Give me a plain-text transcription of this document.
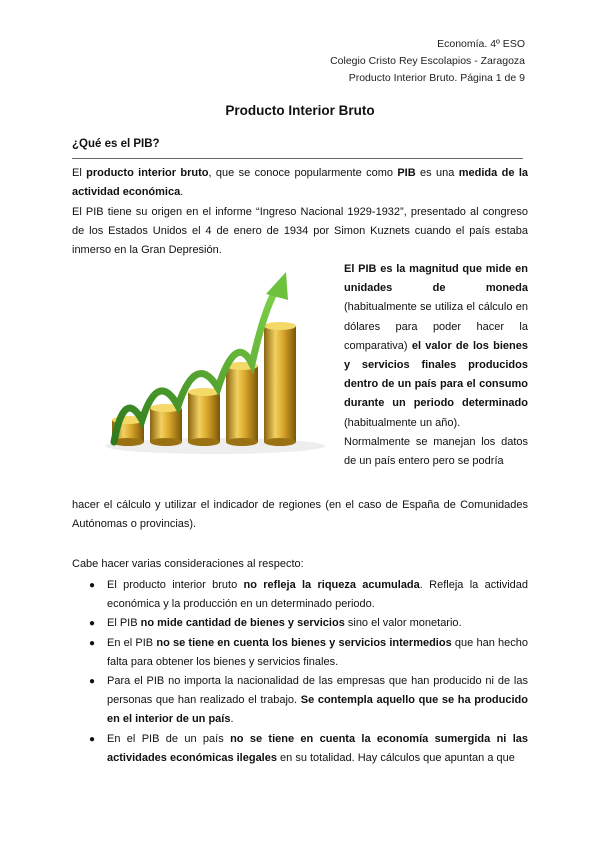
Economía. 4º ESO
Colegio Cristo Rey Escolapios - Zaragoza
Producto Interior Bruto. Página 1 de 9
Producto Interior Bruto
¿Qué es el PIB?

El producto interior bruto, que se conoce popularmente como PIB es una medida de la actividad económica.

El PIB tiene su origen en el informe “Ingreso Nacional 1929-1932”, presentado al congreso de los Estados Unidos el 4 de enero de 1934 por Simon Kuznets cuando el país estaba inmerso en la Gran Depresión.

El PIB es la magnitud que mide en unidades de moneda (habitualmente se utiliza el cálculo en dólares para poder hacer la comparativa) el valor de los bienes y servicios finales producidos dentro de un país para el consumo durante un periodo determinado (habitualmente un año).
Normalmente se manejan los datos de un país entero pero se podría

hacer el cálculo y utilizar el indicador de regiones (en el caso de España de Comunidades Autónomas o provincias).

Cabe hacer varias consideraciones al respecto:

● El producto interior bruto no refleja la riqueza acumulada. Refleja la actividad económica y la producción en un determinado periodo.
● El PIB no mide cantidad de bienes y servicios sino el valor monetario.
● En el PIB no se tiene en cuenta los bienes y servicios intermedios que han hecho falta para obtener los bienes y servicios finales.
● Para el PIB no importa la nacionalidad de las empresas que han producido ni de las personas que han realizado el trabajo. Se contempla aquello que se ha producido en el interior de un país.
● En el PIB de un país no se tiene en cuenta la economía sumergida ni las actividades económicas ilegales en su totalidad. Hay cálculos que apuntan a que
